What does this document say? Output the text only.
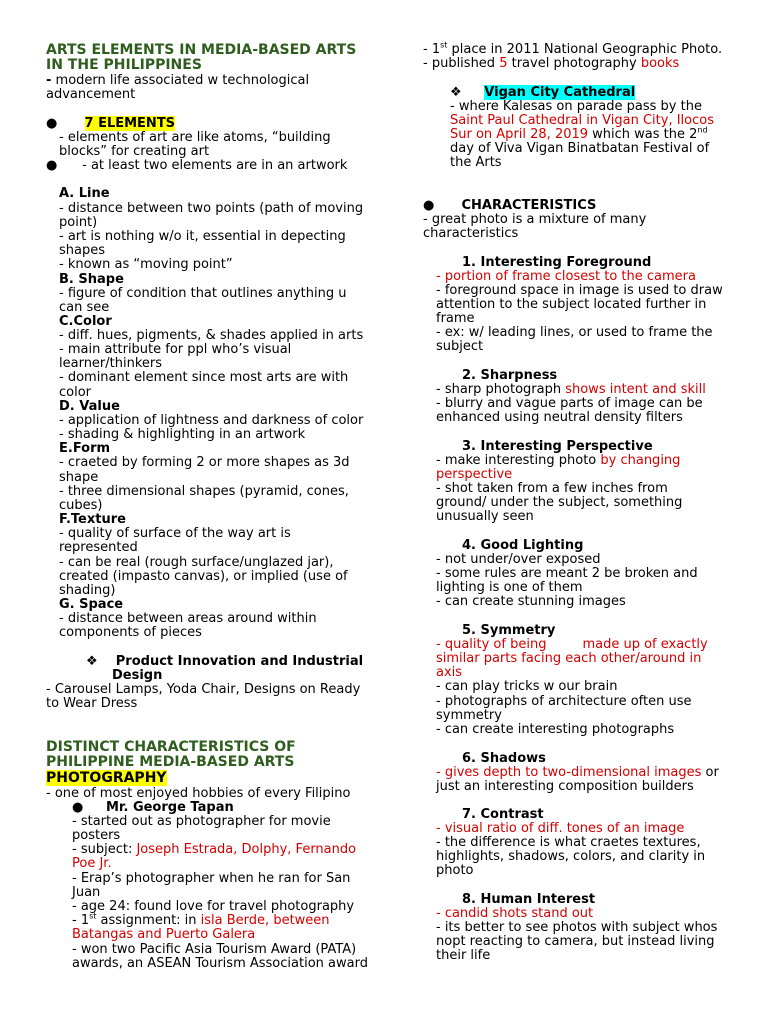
ARTS ELEMENTS IN MEDIA-BASED ARTS
IN THE PHILIPPINES
- modern life associated w technological
advancement
● 7 ELEMENTS
- elements of art are like atoms, “building
blocks” for creating art
● - at least two elements are in an artwork
A. Line
- distance between two points (path of moving
point)
- art is nothing w/o it, essential in depecting
shapes
- known as “moving point”
B. Shape
- figure of condition that outlines anything u
can see
C.Color
- diff. hues, pigments, & shades applied in arts
- main attribute for ppl who’s visual
learner/thinkers
- dominant element since most arts are with
color
D. Value
- application of lightness and darkness of color
- shading & highlighting in an artwork
E.Form
- craeted by forming 2 or more shapes as 3d
shape
- three dimensional shapes (pyramid, cones,
cubes)
F.Texture
- quality of surface of the way art is
represented
- can be real (rough surface/unglazed jar),
created (impasto canvas), or implied (use of
shading)
G. Space
- distance between areas around within
components of pieces
❖ Product Innovation and Industrial
Design
- Carousel Lamps, Yoda Chair, Designs on Ready
to Wear Dress
DISTINCT CHARACTERISTICS OF
PHILIPPINE MEDIA-BASED ARTS
PHOTOGRAPHY
- one of most enjoyed hobbies of every Filipino
● Mr. George Tapan
- started out as photographer for movie
posters
- subject: Joseph Estrada, Dolphy, Fernando
Poe Jr.
- Erap’s photographer when he ran for San
Juan
- age 24: found love for travel photography
- 1st assignment: in isla Berde, between
Batangas and Puerto Galera
- won two Pacific Asia Tourism Award (PATA)
awards, an ASEAN Tourism Association award
- 1st place in 2011 National Geographic Photo.
- published 5 travel photography books
❖ Vigan City Cathedral
- where Kalesas on parade pass by the
Saint Paul Cathedral in Vigan City, Ilocos
Sur on April 28, 2019 which was the 2nd
day of Viva Vigan Binatbatan Festival of
the Arts
● CHARACTERISTICS
- great photo is a mixture of many
characteristics
1. Interesting Foreground
- portion of frame closest to the camera
- foreground space in image is used to draw
attention to the subject located further in
frame
- ex: w/ leading lines, or used to frame the
subject
2. Sharpness
- sharp photograph shows intent and skill
- blurry and vague parts of image can be
enhanced using neutral density filters
3. Interesting Perspective
- make interesting photo by changing
perspective
- shot taken from a few inches from
ground/ under the subject, something
unusually seen
4. Good Lighting
- not under/over exposed
- some rules are meant 2 be broken and
lighting is one of them
- can create stunning images
5. Symmetry
- quality of being	made up of exactly
similar parts facing each other/around in
axis
- can play tricks w our brain
- photographs of architecture often use
symmetry
- can create interesting photographs
6. Shadows
- gives depth to two-dimensional images or
just an interesting composition builders
7. Contrast
- visual ratio of diff. tones of an image
- the difference is what craetes textures,
highlights, shadows, colors, and clarity in
photo
8. Human Interest
- candid shots stand out
- its better to see photos with subject whos
nopt reacting to camera, but instead living
their life
